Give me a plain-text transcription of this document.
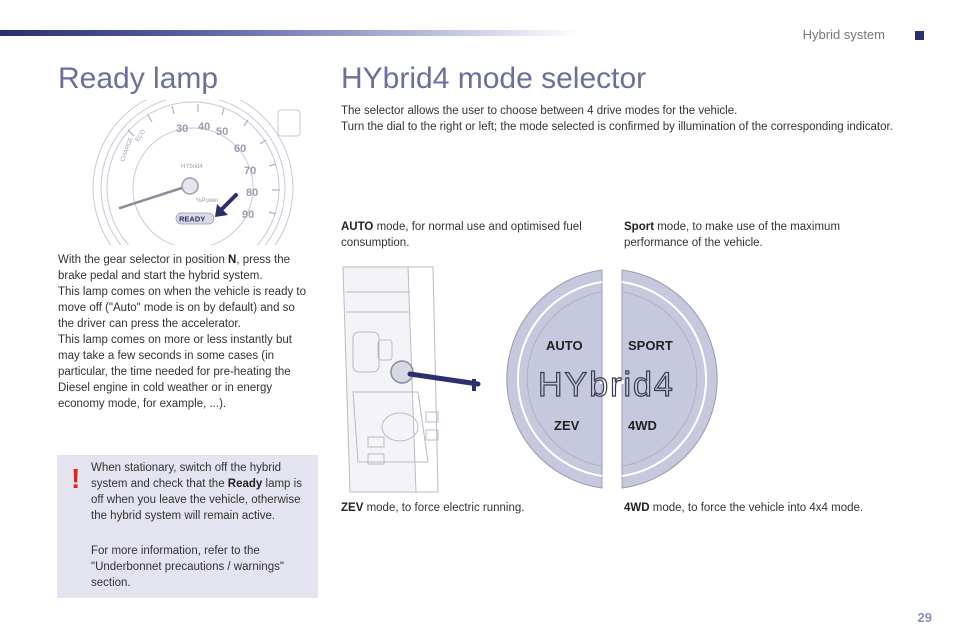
Hybrid system
Ready lamp	HYbrid4 mode selector
30 40 50
60
70
80
90
CHARGE
ECO
HYbrid4
%Power
READY

With the gear selector in position N, press the brake pedal and start the hybrid system.
This lamp comes on when the vehicle is ready to move off ("Auto" mode is on by default) and so the driver can press the accelerator.
This lamp comes on more or less instantly but may take a few seconds in some cases (in particular, the time needed for pre-heating the Diesel engine in cold weather or in energy economy mode, for example, ...).

! When stationary, switch off the hybrid system and check that the Ready lamp is off when you leave the vehicle, otherwise the hybrid system will remain active.

For more information, refer to the "Underbonnet precautions / warnings" section.

The selector allows the user to choose between 4 drive modes for the vehicle.
Turn the dial to the right or left; the mode selected is confirmed by illumination of the corresponding indicator.

AUTO mode, for normal use and optimised fuel consumption.

Sport mode, to make use of the maximum performance of the vehicle.

AUTO	SPORT
ZEV	4WD
HYbrid4

ZEV mode, to force electric running.	4WD mode, to force the vehicle into 4x4 mode.

29
